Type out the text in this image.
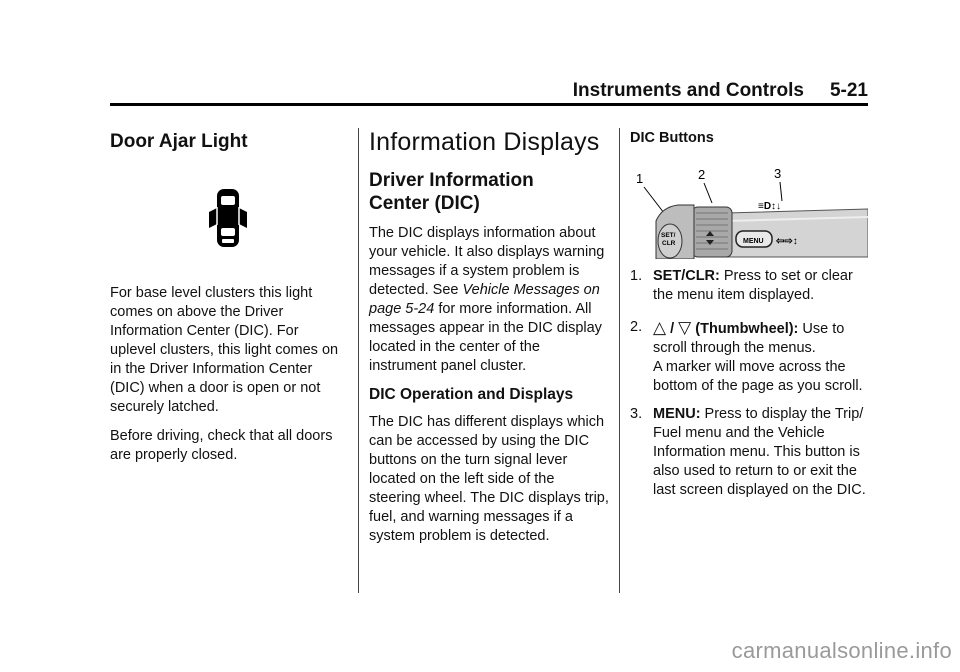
Instruments and Controls 5-21
Door Ajar Light

For base level clusters this light comes on above the Driver Information Center (DIC). For uplevel clusters, this light comes on in the Driver Information Center (DIC) when a door is open or not securely latched.

Before driving, check that all doors are properly closed.

Information Displays
Driver Information Center (DIC)

The DIC displays information about your vehicle. It also displays warning messages if a system problem is detected. See Vehicle Messages on page 5-24 for more information. All messages appear in the DIC display located in the center of the instrument panel cluster.

DIC Operation and Displays

The DIC has different displays which can be accessed by using the DIC buttons on the turn signal lever located on the left side of the steering wheel. The DIC displays trip, fuel, and warning messages if a system problem is detected.

DIC Buttons
1	2	3
SET/
CLR	MENU ⇦⇨↕
≡D↕↓
1. SET/CLR: Press to set or clear the menu item displayed.
2. △ / ▽ (Thumbwheel): Use to scroll through the menus.
A marker will move across the bottom of the page as you scroll.
3. MENU: Press to display the Trip/ Fuel menu and the Vehicle Information menu. This button is also used to return to or exit the last screen displayed on the DIC.
carmanualsonline.info
